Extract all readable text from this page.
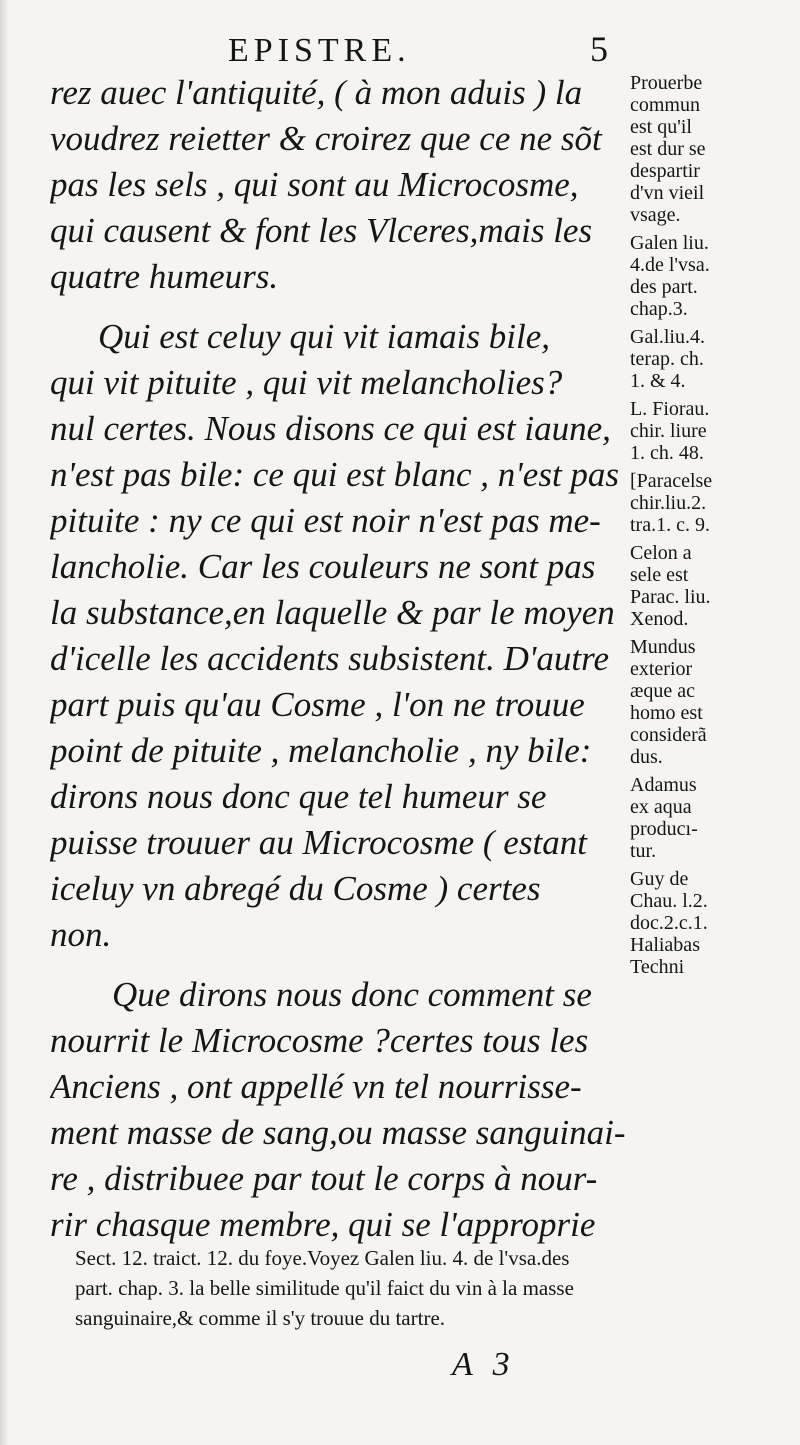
EPISTRE.	5
rez auec l'antiquité, ( à mon aduis ) la
voudrez reietter & croirez que ce ne sõt
pas les sels , qui sont au Microcosme,
qui causent & font les Vlceres,mais les
quatre humeurs.
Qui est celuy qui vit iamais bile,
qui vit pituite , qui vit melancholies?
nul certes. Nous disons ce qui est iaune,
n'est pas bile: ce qui est blanc , n'est pas
pituite : ny ce qui est noir n'est pas me-
lancholie. Car les couleurs ne sont pas
la substance,en laquelle & par le moyen
d'icelle les accidents subsistent. D'autre
part puis qu'au Cosme , l'on ne trouue
point de pituite , melancholie , ny bile:
dirons nous donc que tel humeur se
puisse trouuer au Microcosme ( estant
iceluy vn abregé du Cosme ) certes
non.
Que dirons nous donc comment se
nourrit le Microcosme ?certes tous les
Anciens , ont appellé vn tel nourrisse-
ment masse de sang,ou masse sanguinai-
re , distribuee par tout le corps à nour-
rir chasque membre, qui se l'approprie
Prouerbe
commun
est qu'il
est dur se
despartir
d'vn vieil
vsage.
Galen liu.
4.de l'vsa.
des part.
chap.3.
Gal.liu.4.
terap. ch.
1. & 4.
L. Fiorau.
chir. liure
1. ch. 48.
[Paracelse
chir.liu.2.
tra.1. c. 9.
Celon a
sele est
Parac. liu.
Xenod.
Mundus
exterior
æque ac
homo est
considerã
dus.
Adamus
ex aqua
producı-
tur.
Guy de
Chau. l.2.
doc.2.c.1.
Haliabas
Techni
Sect. 12. traict. 12. du foye.Voyez Galen liu. 4. de l'vsa.des
part. chap. 3. la belle similitude qu'il faict du vin à la masse
sanguinaire,& comme il s'y trouue du tartre.
A 3
